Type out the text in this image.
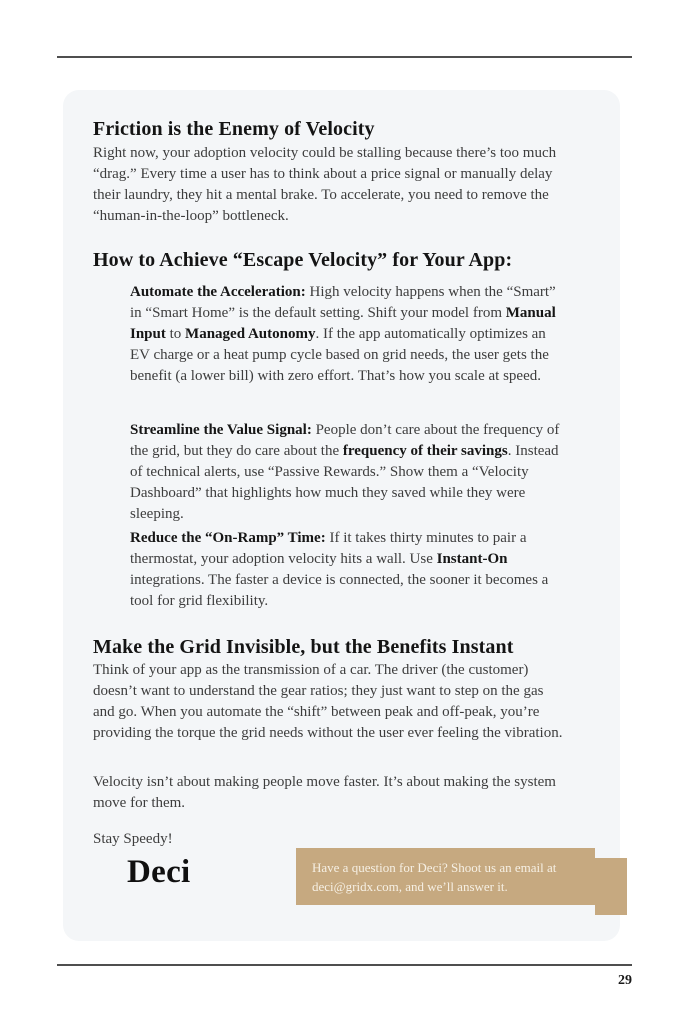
Friction is the Enemy of Velocity

Right now, your adoption velocity could be stalling because there’s too much “drag.” Every time a user has to think about a price signal or manually delay their laundry, they hit a mental brake. To accelerate, you need to remove the “human-in-the-loop” bottleneck.

How to Achieve “Escape Velocity” for Your App:

Automate the Acceleration: High velocity happens when the “Smart” in “Smart Home” is the default setting. Shift your model from Manual Input to Managed Autonomy. If the app automatically optimizes an EV charge or a heat pump cycle based on grid needs, the user gets the benefit (a lower bill) with zero effort. That’s how you scale at speed.

Streamline the Value Signal: People don’t care about the frequency of the grid, but they do care about the frequency of their savings. Instead of technical alerts, use “Passive Rewards.” Show them a “Velocity Dashboard” that highlights how much they saved while they were sleeping.

Reduce the “On-Ramp” Time: If it takes thirty minutes to pair a thermostat, your adoption velocity hits a wall. Use Instant-On integrations. The faster a device is connected, the sooner it becomes a tool for grid flexibility.

Make the Grid Invisible, but the Benefits Instant

Think of your app as the transmission of a car. The driver (the customer) doesn’t want to understand the gear ratios; they just want to step on the gas and go. When you automate the “shift” between peak and off-peak, you’re providing the torque the grid needs without the user ever feeling the vibration.

Velocity isn’t about making people move faster. It’s about making the system move for them.

Stay Speedy!

Deci	Have a question for Deci? Shoot us an email at deci@gridx.com, and we’ll answer it.
29
